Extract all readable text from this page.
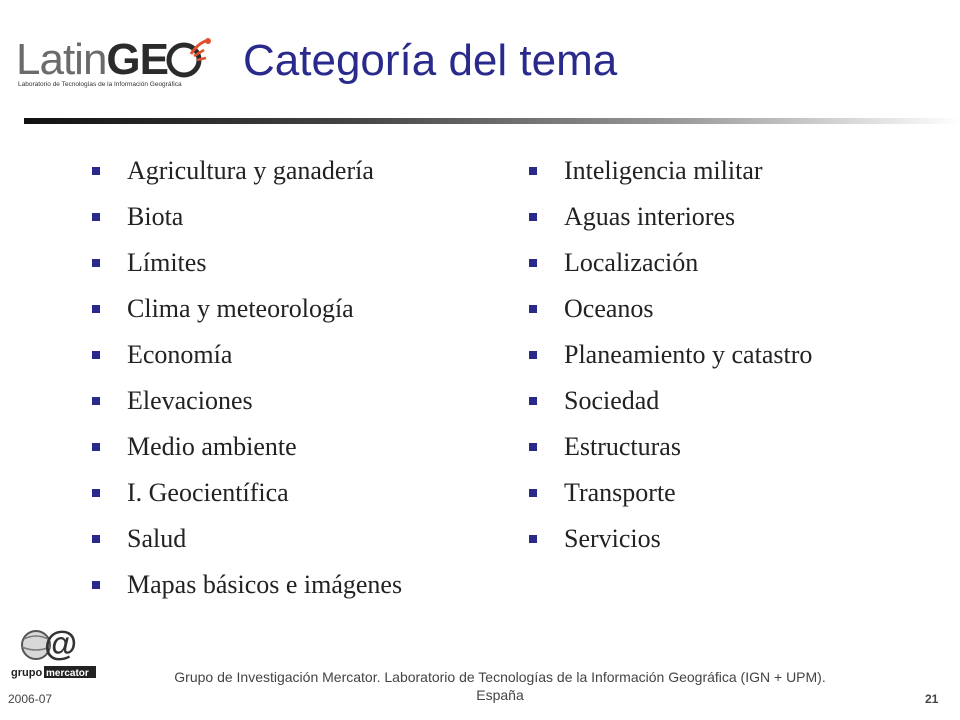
LatinGE
Laboratorio de Tecnologías de la Información Geográfica Categoría del tema
Agricultura y ganadería
Biota
Límites
Clima y meteorología
Economía
Elevaciones
Medio ambiente
I. Geocientífica
Salud
Mapas básicos e imágenes
Inteligencia militar
Aguas interiores
Localización
Oceanos
Planeamiento y catastro
Sociedad
Estructuras
Transporte
Servicios
@
grupo mercator	Grupo de Investigación Mercator. Laboratorio de Tecnologías de la Información Geográfica (IGN + UPM).
España
2006-07	21
